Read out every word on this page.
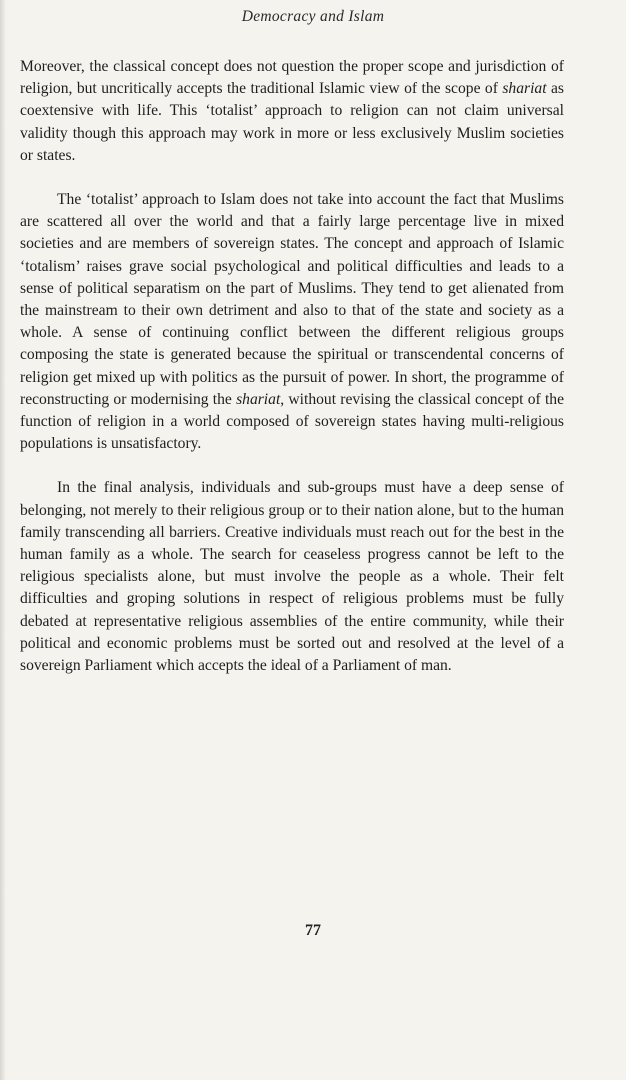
Democracy and Islam

Moreover, the classical concept does not question the proper scope and jurisdiction of religion, but uncritically accepts the traditional Islamic view of the scope of shariat as coextensive with life. This ‘totalist’ approach to religion can not claim universal validity though this approach may work in more or less exclusively Muslim societies or states.

The ‘totalist’ approach to Islam does not take into account the fact that Muslims are scattered all over the world and that a fairly large percentage live in mixed societies and are members of sovereign states. The concept and approach of Islamic ‘totalism’ raises grave social psychological and political difficulties and leads to a sense of political separatism on the part of Muslims. They tend to get alienated from the mainstream to their own detriment and also to that of the state and society as a whole. A sense of continuing conflict between the different religious groups composing the state is generated because the spiritual or transcendental concerns of religion get mixed up with politics as the pursuit of power. In short, the programme of reconstructing or modernising the shariat, without revising the classical concept of the function of religion in a world composed of sovereign states having multi-religious populations is unsatisfactory.

In the final analysis, individuals and sub-groups must have a deep sense of belonging, not merely to their religious group or to their nation alone, but to the human family transcending all barriers. Creative individuals must reach out for the best in the human family as a whole. The search for ceaseless progress cannot be left to the religious specialists alone, but must involve the people as a whole. Their felt difficulties and groping solutions in respect of religious problems must be fully debated at representative religious assemblies of the entire community, while their political and economic problems must be sorted out and resolved at the level of a sovereign Parliament which accepts the ideal of a Parliament of man.

77
